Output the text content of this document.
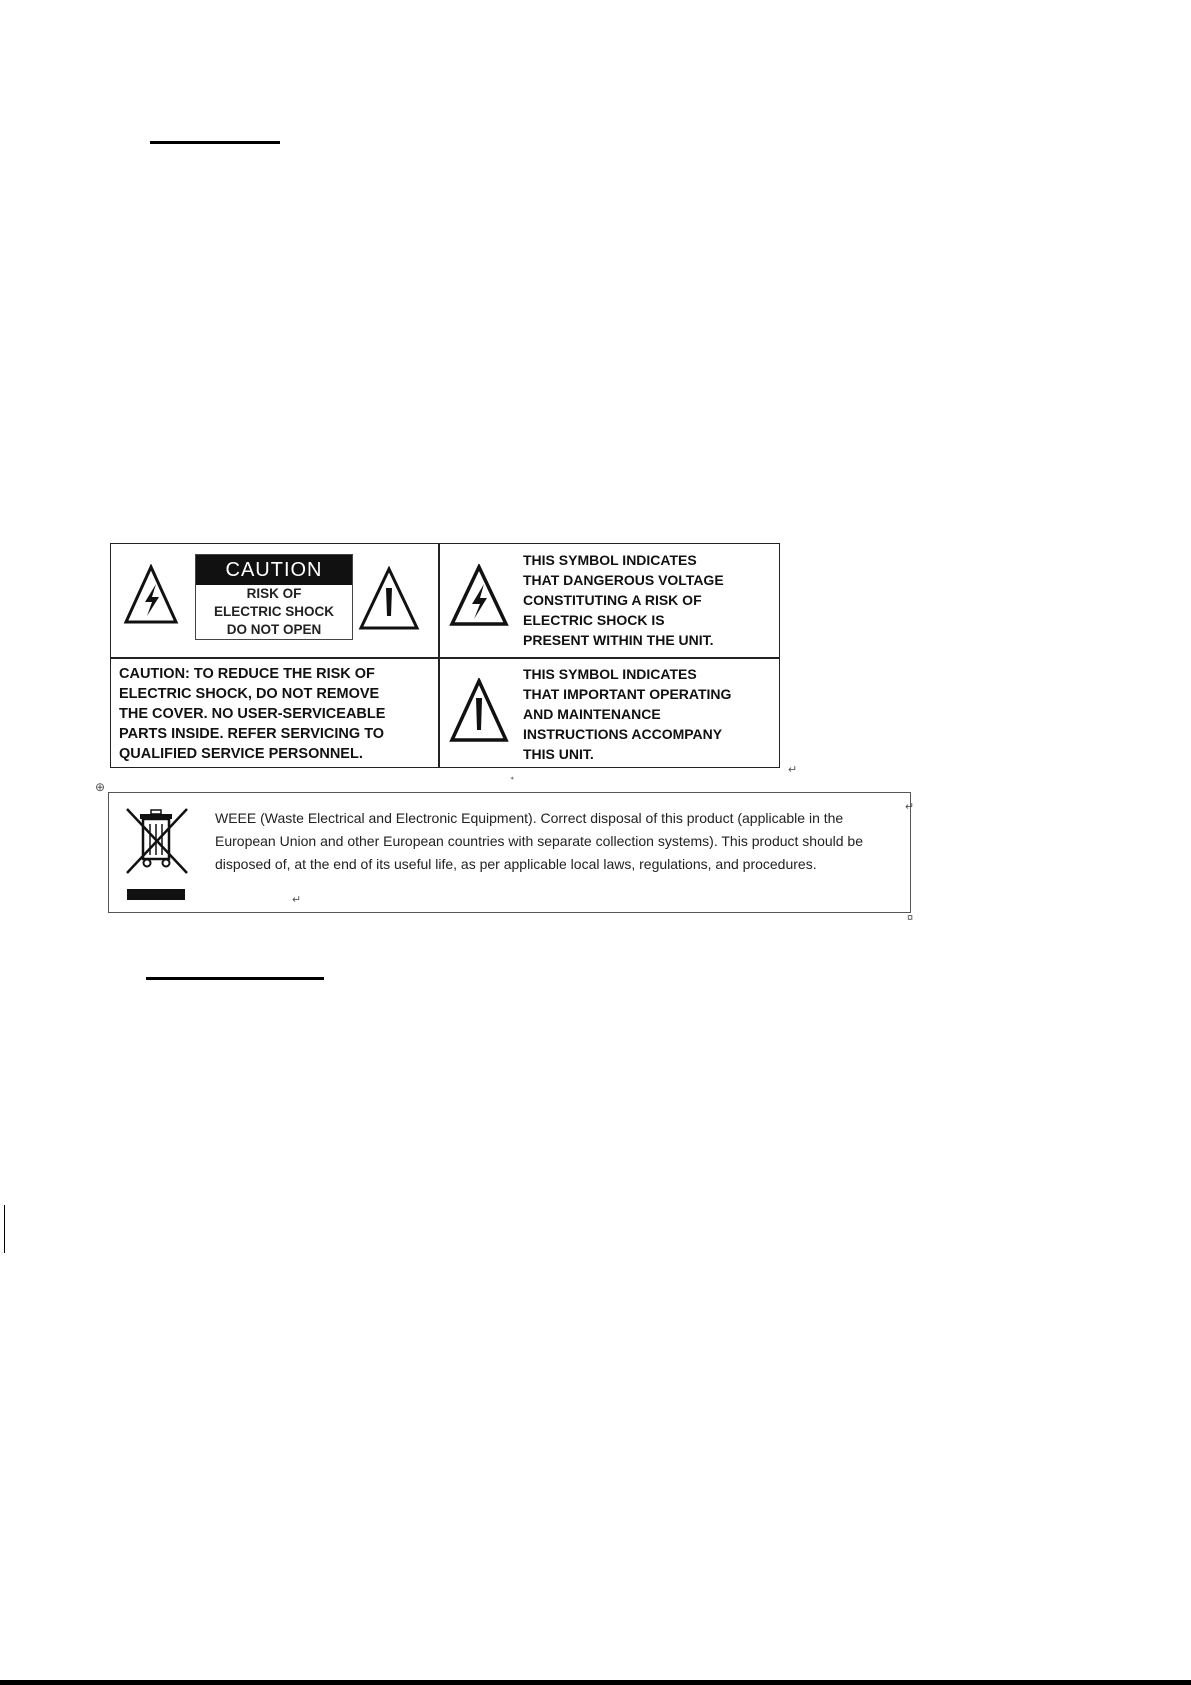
CAUTION
RISK OF
ELECTRIC SHOCK
DO NOT OPEN
THIS SYMBOL INDICATES
THAT DANGEROUS VOLTAGE
CONSTITUTING A RISK OF
ELECTRIC SHOCK IS
PRESENT WITHIN THE UNIT.
THIS SYMBOL INDICATES
THAT IMPORTANT OPERATING
AND MAINTENANCE
INSTRUCTIONS ACCOMPANY
THIS UNIT.
CAUTION: TO REDUCE THE RISK OF
ELECTRIC SHOCK, DO NOT REMOVE
THE COVER. NO USER-SERVICEABLE
PARTS INSIDE. REFER SERVICING TO
QUALIFIED SERVICE PERSONNEL.
↵
ᐩ
⊕
↵
WEEE (Waste Electrical and Electronic Equipment). Correct disposal of this product (applicable in the European Union and other European countries with separate collection systems). This product should be disposed of, at the end of its useful life, as per applicable local laws, regulations, and procedures.
↵
¤
